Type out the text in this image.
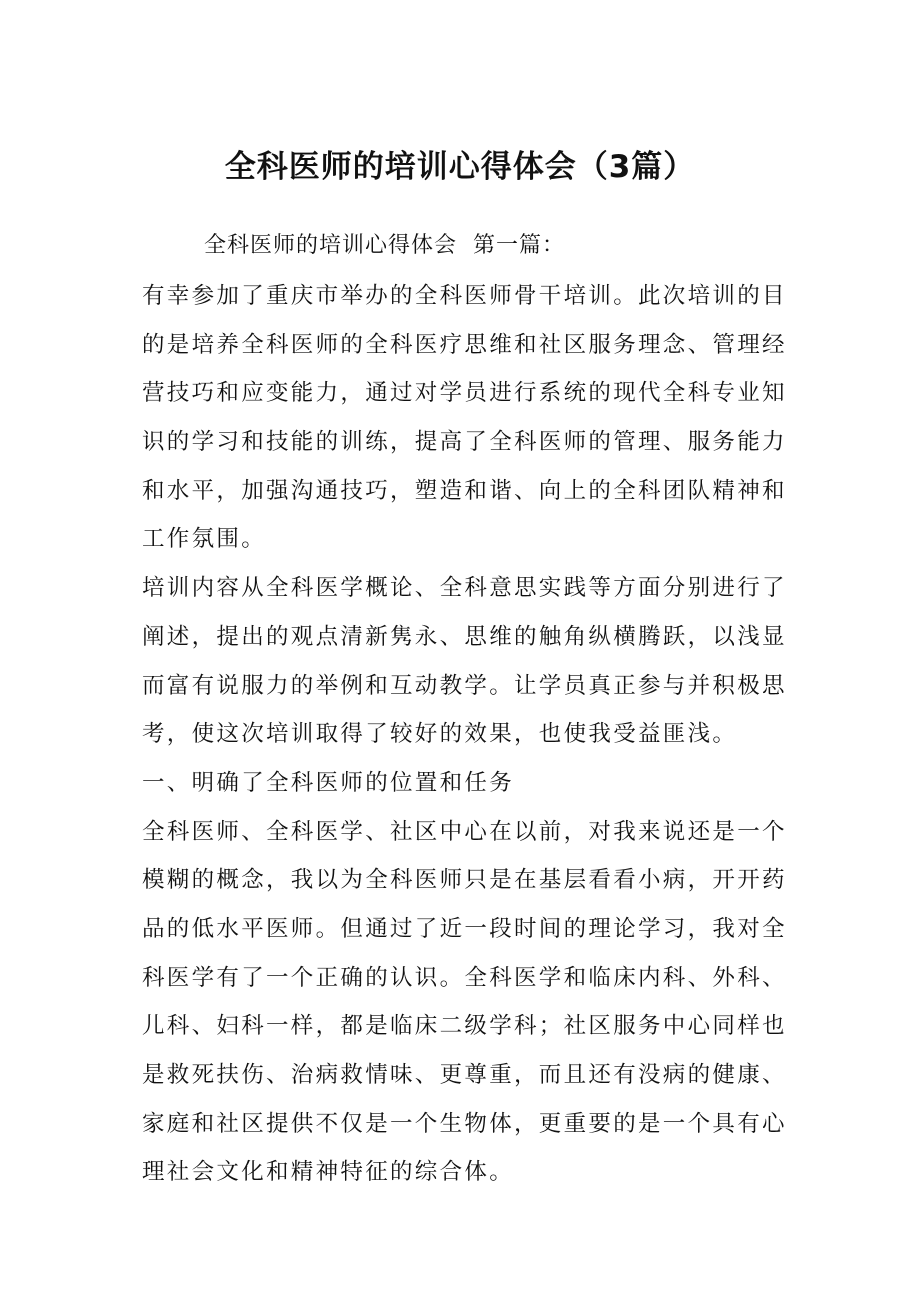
全科医师的培训心得体会（3篇）

全科医师的培训心得体会  第一篇：

有幸参加了重庆市举办的全科医师骨干培训。此次培训的目
的是培养全科医师的全科医疗思维和社区服务理念、管理经
营技巧和应变能力，通过对学员进行系统的现代全科专业知
识的学习和技能的训练，提高了全科医师的管理、服务能力
和水平，加强沟通技巧，塑造和谐、向上的全科团队精神和
工作氛围。
培训内容从全科医学概论、全科意思实践等方面分别进行了
阐述，提出的观点清新隽永、思维的触角纵横腾跃，以浅显
而富有说服力的举例和互动教学。让学员真正参与并积极思
考，使这次培训取得了较好的效果，也使我受益匪浅。
一、明确了全科医师的位置和任务
全科医师、全科医学、社区中心在以前，对我来说还是一个
模糊的概念，我以为全科医师只是在基层看看小病，开开药
品的低水平医师。但通过了近一段时间的理论学习，我对全
科医学有了一个正确的认识。全科医学和临床内科、外科、
儿科、妇科一样，都是临床二级学科；社区服务中心同样也
是救死扶伤、治病救情味、更尊重，而且还有没病的健康、
家庭和社区提供不仅是一个生物体，更重要的是一个具有心
理社会文化和精神特征的综合体。
